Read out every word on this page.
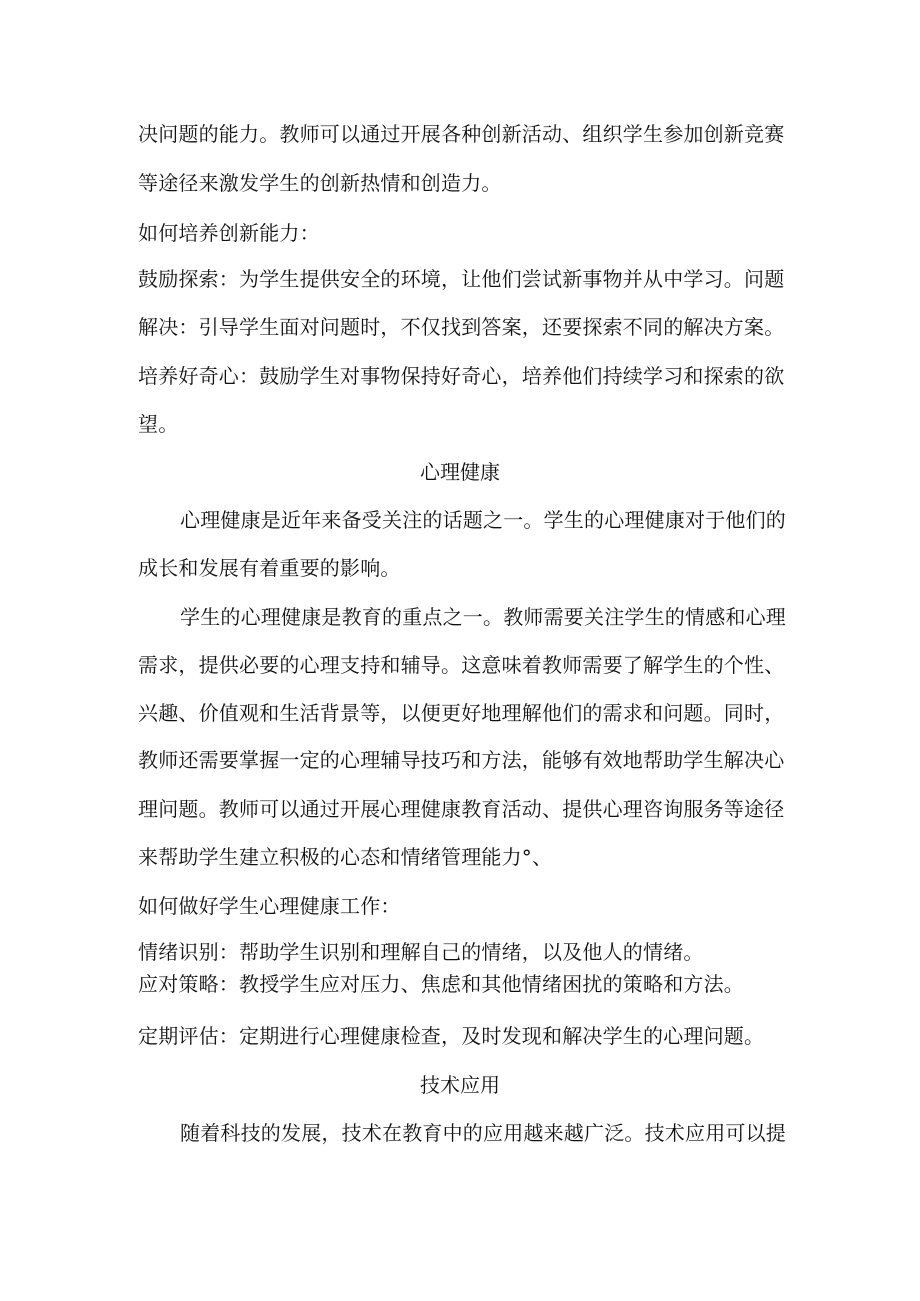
决问题的能力。教师可以通过开展各种创新活动、组织学生参加创新竞赛
等途径来激发学生的创新热情和创造力。
如何培养创新能力：
鼓励探索：为学生提供安全的环境，让他们尝试新事物并从中学习。问题
解决：引导学生面对问题时，不仅找到答案，还要探索不同的解决方案。
培养好奇心：鼓励学生对事物保持好奇心，培养他们持续学习和探索的欲
望。
心理健康
心理健康是近年来备受关注的话题之一。学生的心理健康对于他们的
成长和发展有着重要的影响。
学生的心理健康是教育的重点之一。教师需要关注学生的情感和心理
需求，提供必要的心理支持和辅导。这意味着教师需要了解学生的个性、
兴趣、价值观和生活背景等，以便更好地理解他们的需求和问题。同时，
教师还需要掌握一定的心理辅导技巧和方法，能够有效地帮助学生解决心
理问题。教师可以通过开展心理健康教育活动、提供心理咨询服务等途径
来帮助学生建立积极的心态和情绪管理能力°、
如何做好学生心理健康工作：
情绪识别：帮助学生识别和理解自己的情绪，以及他人的情绪。
应对策略：教授学生应对压力、焦虑和其他情绪困扰的策略和方法。
定期评估：定期进行心理健康检查，及时发现和解决学生的心理问题。
技术应用
随着科技的发展，技术在教育中的应用越来越广泛。技术应用可以提
